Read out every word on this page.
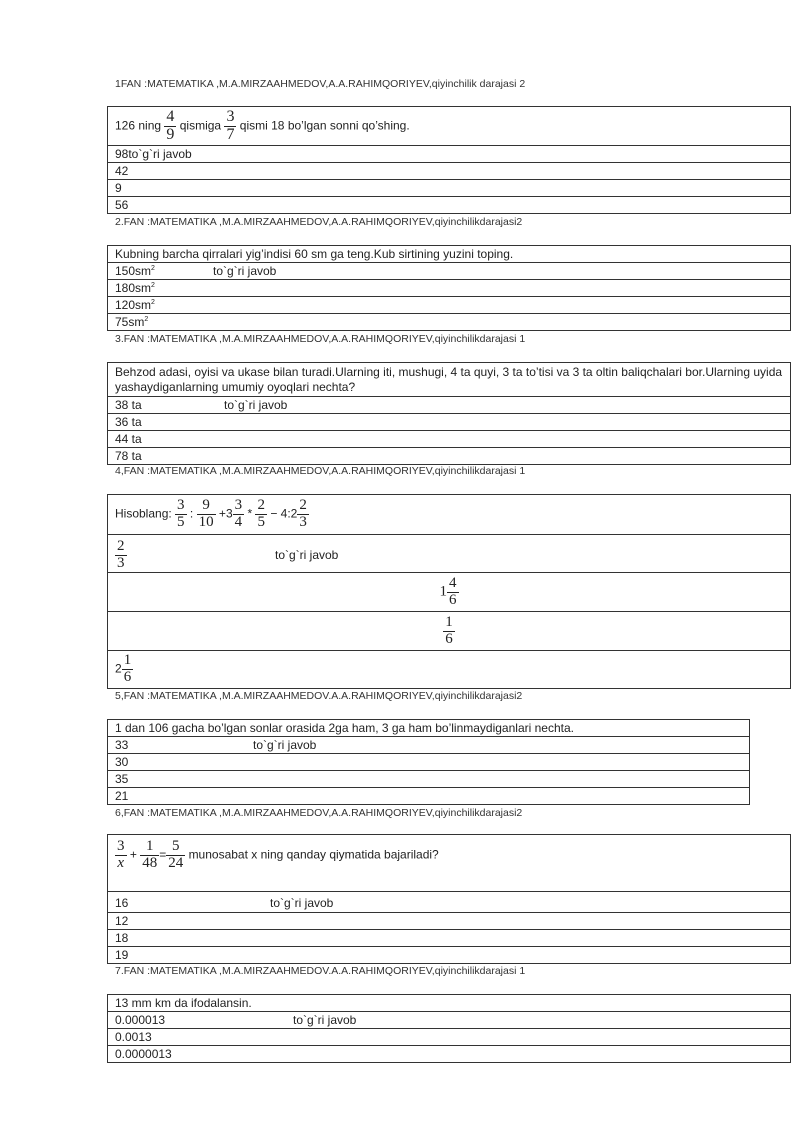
1FAN :MATEMATIKA ,M.A.MIRZAAHMEDOV,A.A.RAHIMQORIYEV,qiyinchilik darajasi 2
126 ning $\frac{4}{9}$ qismiga $\frac{3}{7}$ qismi 18 bo’lgan sonni qo’shing.
98to`g`ri javob
42
9
56
2.FAN :MATEMATIKA ,M.A.MIRZAAHMEDOV,A.A.RAHIMQORIYEV,qiyinchilikdarajasi2
Kubning barcha qirralari yig’indisi 60 sm ga teng.Kub sirtining yuzini toping.

$150sm^2$	to`g`ri javob

$180sm^2$
$120sm^2$
$75sm^2$
3.FAN :MATEMATIKA ,M.A.MIRZAAHMEDOV,A.A.RAHIMQORIYEV,qiyinchilikdarajasi 1
Behzod adasi, oyisi va ukase bilan turadi.Ularning iti, mushugi, 4 ta quyi, 3 ta to’tisi va 3 ta oltin baliqchalari bor.Ularning uyida yashaydiganlarning umumiy oyoqlari nechta?

38 ta	to`g`ri javob

36 ta
44 ta
78 ta
4,FAN :MATEMATIKA ,M.A.MIRZAAHMEDOV,A.A.RAHIMQORIYEV,qiyinchilikdarajasi 1
Hisoblang: $\frac{3}{5}$ : $\frac{9}{10} +3 \frac{3}{4} * \frac{2}{5}$ − 4:2 $\frac{2}{3}$

$\frac{2}{3}$	to`g`ri javob

$1 \frac{4}{6}$

$\frac{1}{6}$

$2 \frac{1}{6}$
5,FAN :MATEMATIKA ,M.A.MIRZAAHMEDOV.A.A.RAHIMQORIYEV,qiyinchilikdarajasi2
1 dan 106 gacha bo’lgan sonlar orasida 2ga ham, 3 ga ham bo’linmaydiganlari nechta.

33	to`g`ri javob

30
35
21
6,FAN :MATEMATIKA ,M.A.MIRZAAHMEDOV,A.A.RAHIMQORIYEV,qiyinchilikdarajasi2
$\frac{3}{x} + \frac{1}{48} = \frac{5}{24}$ munosabat x ning qanday qiymatida bajariladi?

16	to`g`ri javob

12
18
19
7.FAN :MATEMATIKA ,M.A.MIRZAAHMEDOV.A.A.RAHIMQORIYEV,qiyinchilikdarajasi 1
13 mm km da ifodalansin.

0.000013	to`g`ri javob

0.0013
0.0000013
